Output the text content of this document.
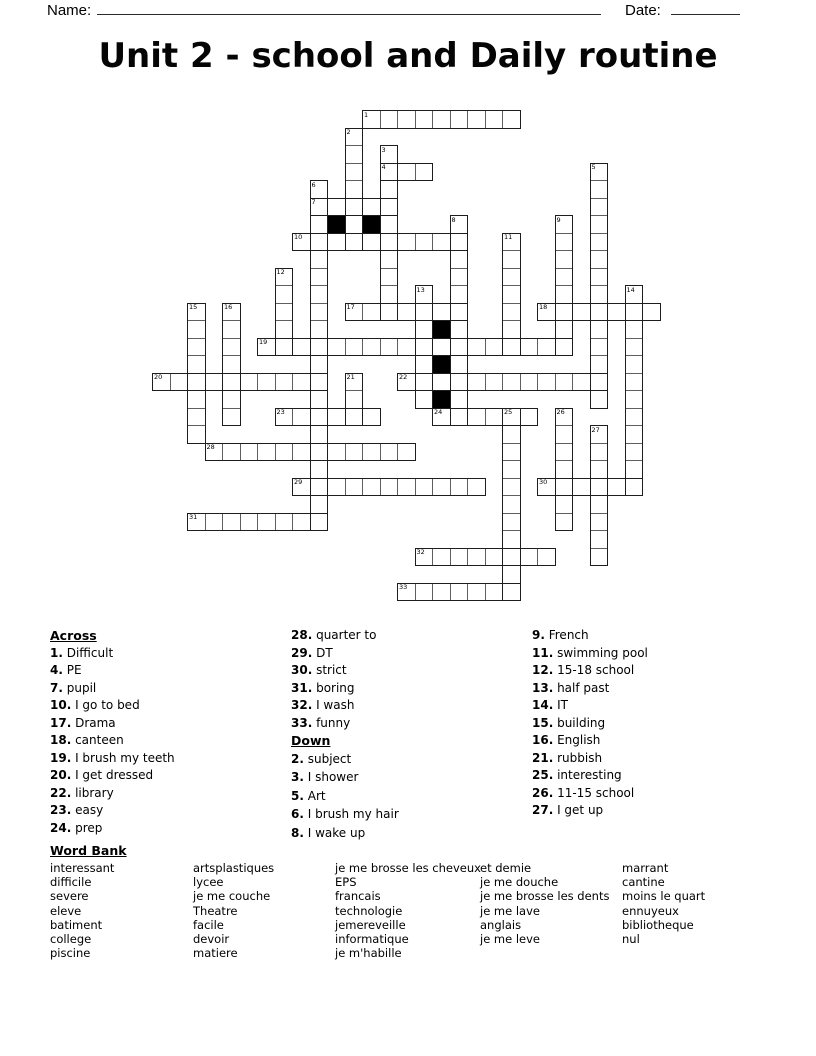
Name:	Date:
Unit 2 - school and Daily routine
1
2
3
4	5
6
7
8	9
10	11
12
13	14
15	16	17	18
19
20	21	22
23	24	25	26
27
28
29	30
31
32
33
Across
1. Difficult
4. PE
7. pupil
10. I go to bed
17. Drama
18. canteen
19. I brush my teeth
20. I get dressed
22. library
23. easy
24. prep
28. quarter to
29. DT
30. strict
31. boring
32. I wash
33. funny
Down
2. subject
3. I shower
5. Art
6. I brush my hair
8. I wake up
9. French
11. swimming pool
12. 15-18 school
13. half past
14. IT
15. building
16. English
21. rubbish
25. interesting
26. 11-15 school
27. I get up
Word Bank
interessant
difficile
severe
eleve
batiment
college
piscine
artsplastiques
lycee
je me couche
Theatre
facile
devoir
matiere
je me brosse les cheveux
EPS
francais
technologie
jemereveille
informatique
je m'habille
et demie
je me douche
je me brosse les dents
je me lave
anglais
je me leve
marrant
cantine
moins le quart
ennuyeux
bibliotheque
nul
